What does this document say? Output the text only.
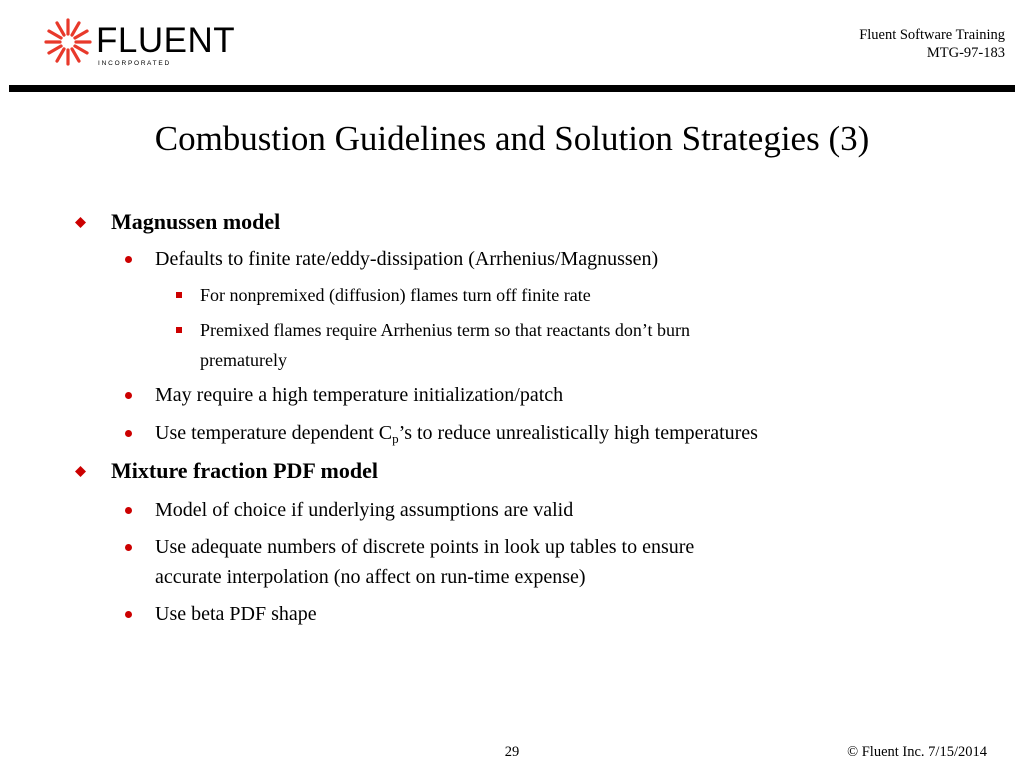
FLUENT
I N C O R P O R A T E D
Fluent Software Training
MTG-97-183
Combustion Guidelines and Solution Strategies (3)
Magnussen model
Defaults to finite rate/eddy-dissipation (Arrhenius/Magnussen)
For nonpremixed (diffusion) flames turn off finite rate
Premixed flames require Arrhenius term so that reactants don’t burn
prematurely
May require a high temperature initialization/patch
Use temperature dependent $C_p’s$ to reduce unrealistically high temperatures
Mixture fraction PDF model
Model of choice if underlying assumptions are valid
Use adequate numbers of discrete points in look up tables to ensure
accurate interpolation (no affect on run-time expense)
Use beta PDF shape
29	© Fluent Inc. 7/15/2014
